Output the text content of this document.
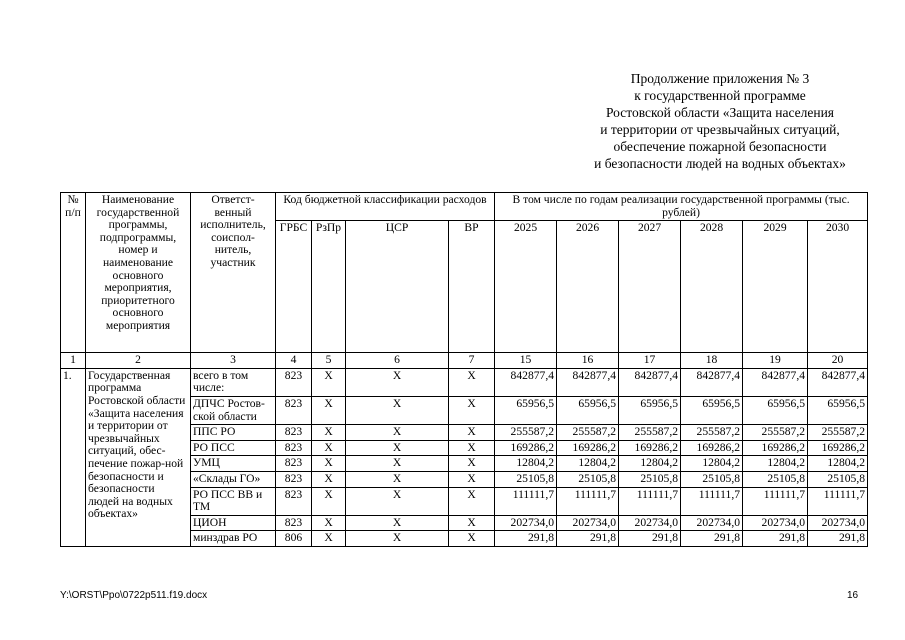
Продолжение приложения № 3
к государственной программе
Ростовской области «Защита населения
и территории от чрезвычайных ситуаций,
обеспечение пожарной безопасности
и безопасности людей на водных объектах»
№ п/п	Наименование государственной программы, подпрограммы, номер и наименование основного мероприятия, приоритетного основного мероприятия	Ответст-венный исполнитель, соиспол-нитель, участник	Код бюджетной классификации расходов				В том числе по годам реализации государственной программы (тыс. рублей)					
			ГРБС	РзПр	ЦСР	ВР	2025	2026	2027	2028	2029	2030
1	2	3	4	5	6	7	15	16	17	18	19	20
1.	Государственная программа Ростовской области «Защита населения и территории от чрезвычайных ситуаций, обес-печение пожар-ной безопасности и безопасности людей на водных объектах»	всего в том числе:	823	X	X	X	842877,4	842877,4	842877,4	842877,4	842877,4	842877,4
		ДПЧС Ростов-ской области	823	X	X	X	65956,5	65956,5	65956,5	65956,5	65956,5	65956,5
		ППС РО	823	X	X	X	255587,2	255587,2	255587,2	255587,2	255587,2	255587,2
		РО ПСС	823	X	X	X	169286,2	169286,2	169286,2	169286,2	169286,2	169286,2
		УМЦ	823	X	X	X	12804,2	12804,2	12804,2	12804,2	12804,2	12804,2
		«Склады ГО»	823	X	X	X	25105,8	25105,8	25105,8	25105,8	25105,8	25105,8
		РО ПСС ВВ и ТМ	823	X	X	X	111111,7	111111,7	111111,7	111111,7	111111,7	111111,7
		ЦИОН	823	X	X	X	202734,0	202734,0	202734,0	202734,0	202734,0	202734,0
		минздрав РО	806	X	X	X	291,8	291,8	291,8	291,8	291,8	291,8
Y:\ORST\Ppo\0722p511.f19.docx	16
